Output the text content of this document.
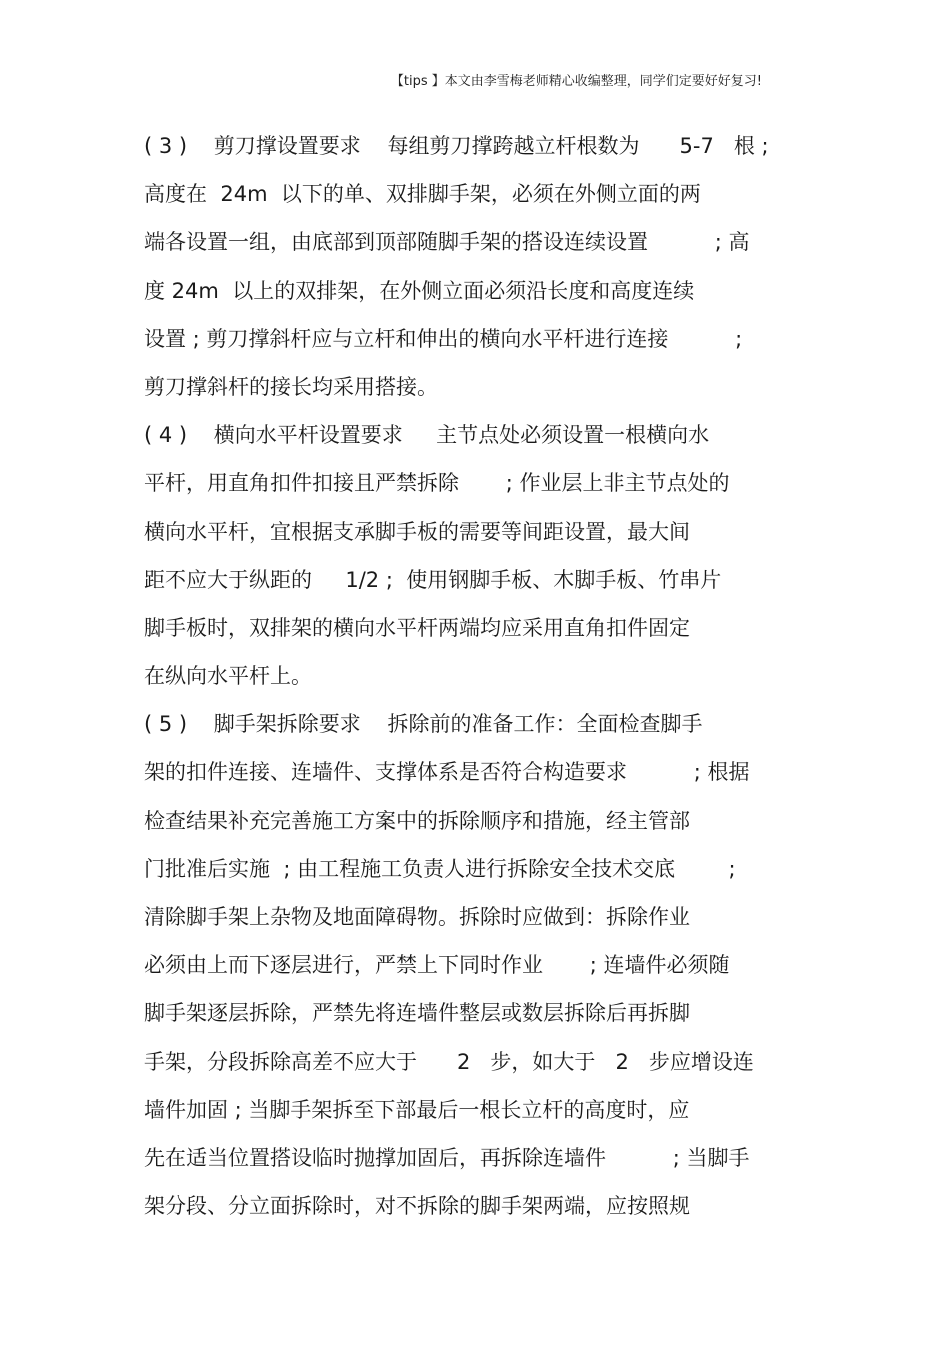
【tips 】本文由李雪梅老师精心收编整理，同学们定要好好复习!
( 3 )    剪刀撑设置要求    每组剪刀撑跨越立杆根数为      5-7   根 ;
高度在  24m  以下的单、双排脚手架，必须在外侧立面的两
端各设置一组，由底部到顶部随脚手架的搭设连续设置          ; 高
度 24m  以上的双排架，在外侧立面必须沿长度和高度连续
设置 ; 剪刀撑斜杆应与立杆和伸出的横向水平杆进行连接          ;
剪刀撑斜杆的接长均采用搭接。
( 4 )    横向水平杆设置要求     主节点处必须设置一根横向水
平杆，用直角扣件扣接且严禁拆除       ; 作业层上非主节点处的
横向水平杆，宜根据支承脚手板的需要等间距设置，最大间
距不应大于纵距的     1/2 ;  使用钢脚手板、木脚手板、竹串片
脚手板时，双排架的横向水平杆两端均应采用直角扣件固定
在纵向水平杆上。
( 5 )    脚手架拆除要求    拆除前的准备工作：全面检查脚手
架的扣件连接、连墙件、支撑体系是否符合构造要求          ; 根据
检查结果补充完善施工方案中的拆除顺序和措施，经主管部
门批准后实施  ; 由工程施工负责人进行拆除安全技术交底        ;
清除脚手架上杂物及地面障碍物。拆除时应做到：拆除作业
必须由上而下逐层进行，严禁上下同时作业       ; 连墙件必须随
脚手架逐层拆除，严禁先将连墙件整层或数层拆除后再拆脚
手架，分段拆除高差不应大于      2   步，如大于   2   步应增设连
墙件加固 ; 当脚手架拆至下部最后一根长立杆的高度时，应
先在适当位置搭设临时抛撑加固后，再拆除连墙件          ; 当脚手
架分段、分立面拆除时，对不拆除的脚手架两端，应按照规
